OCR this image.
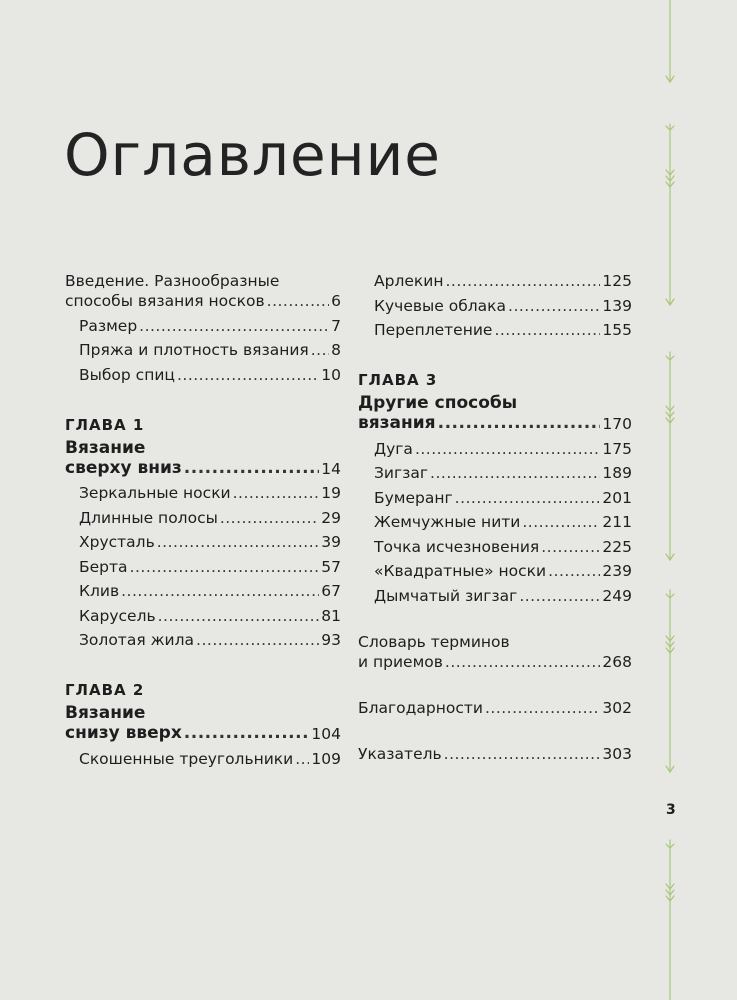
Оглавление
Введение. Разнообразные
способы вязания носков .....	6
Размер .....	7
Пряжа и плотность вязания ..... 8
Выбор спиц .....	10
ГЛАВА 1
Вязание
сверху вниз .....	14
Зеркальные носки .....	19
Длинные полосы .....	29
Хрусталь .....	39
Берта .....	57
Клив .....	67
Карусель .....	81
Золотая жила .....	93
ГЛАВА 2
Вязание
снизу вверх .....	104
Скошенные треугольники ..... 109
Арлекин .....	125
Кучевые облака .....	139
Переплетение .....	155
ГЛАВА 3
Другие способы
вязания .....	170
Дуга .....	175
Зигзаг .....	189
Бумеранг .....	201
Жемчужные нити .....	211
Точка исчезновения .....	225
«Квадратные» носки .....	239
Дымчатый зигзаг .....	249
Словарь терминов
и приемов .....	268
Благодарности .....	302
Указатель .....	303
3
